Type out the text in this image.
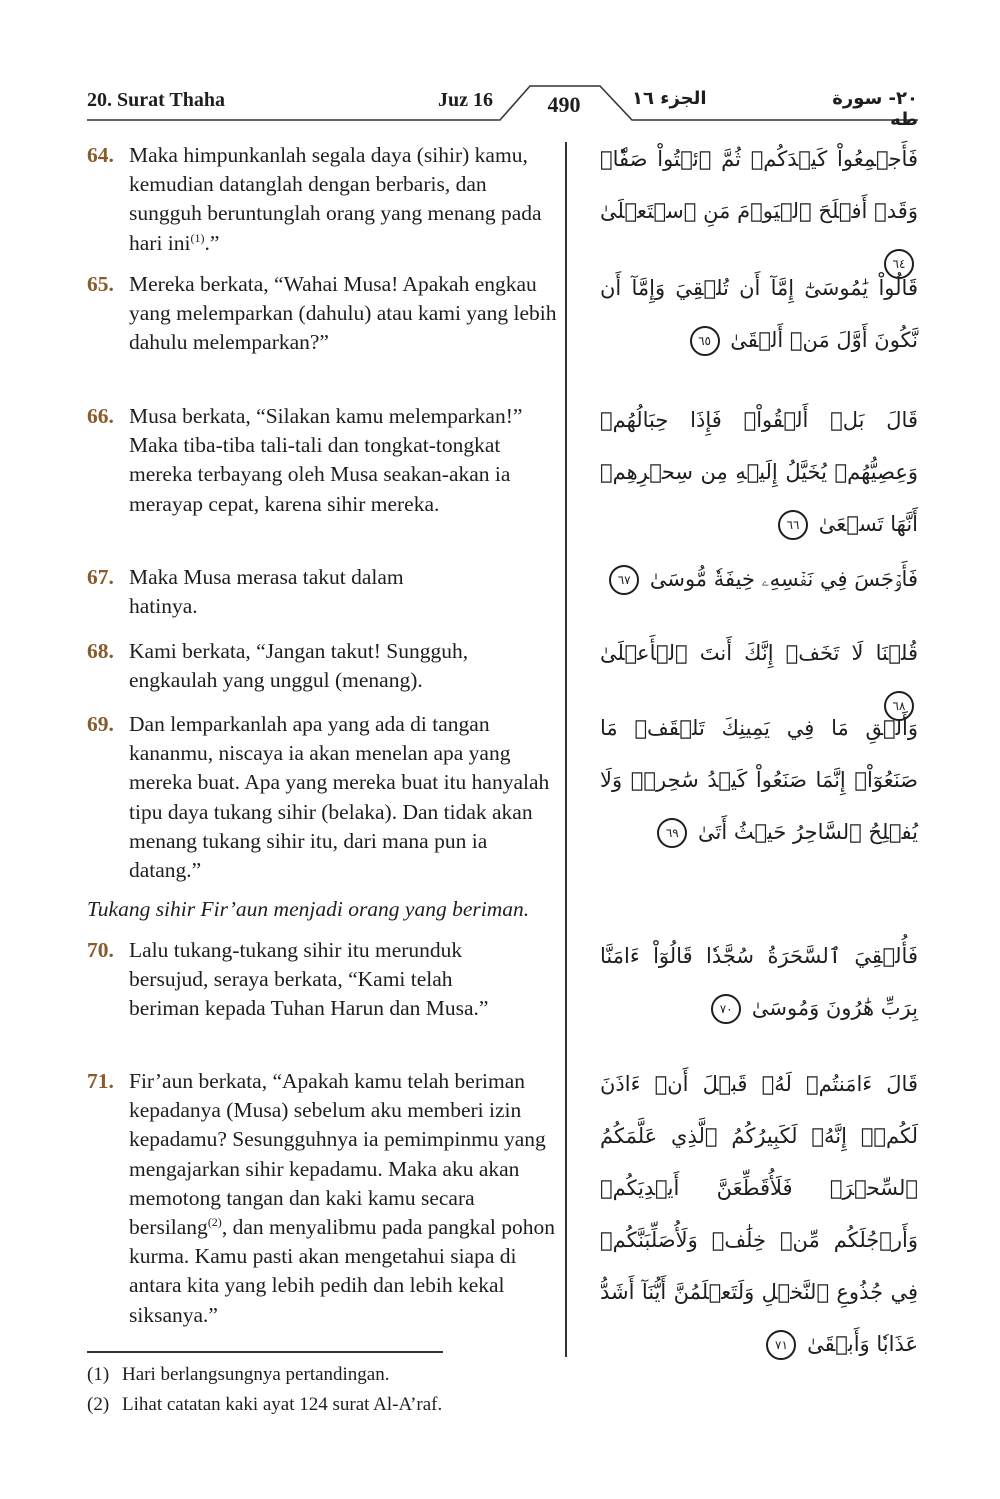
20. Surat Thaha	Juz 16	490	الجزء ١٦	٢٠- سورة طه
64. Maka himpunkanlah segala daya (sihir) kamu, kemudian datanglah dengan berbaris, dan sungguh beruntunglah orang yang menang pada hari ini$^{(1)}$.”
فَأَجۡمِعُواْ كَيۡدَكُمۡ ثُمَّ ٱئۡتُواْ صَفّٗاۚ وَقَدۡ أَفۡلَحَ ٱلۡيَوۡمَ مَنِ ٱسۡتَعۡلَىٰ ٦٤
65. Mereka berkata, “Wahai Musa! Apakah engkau yang melemparkan (dahulu) atau kami yang lebih dahulu melemparkan?”
قَالُواْ يَٰمُوسَىٰٓ إِمَّآ أَن تُلۡقِيَ وَإِمَّآ أَن نَّكُونَ أَوَّلَ مَنۡ أَلۡقَىٰ ٦٥
66. Musa berkata, “Silakan kamu melemparkan!” Maka tiba-tiba tali-tali dan tongkat-tongkat mereka terbayang oleh Musa seakan-akan ia merayap cepat, karena sihir mereka.
قَالَ بَلۡ أَلۡقُواْۖ فَإِذَا حِبَالُهُمۡ وَعِصِيُّهُمۡ يُخَيَّلُ إِلَيۡهِ مِن سِحۡرِهِمۡ أَنَّهَا تَسۡعَىٰ ٦٦
67. Maka Musa merasa takut dalam hatinya.
فَأَوۡجَسَ فِي نَفۡسِهِۦ خِيفَةٗ مُّوسَىٰ ٦٧
68. Kami berkata, “Jangan takut! Sungguh, engkaulah yang unggul (menang).
قُلۡنَا لَا تَخَفۡ إِنَّكَ أَنتَ ٱلۡأَعۡلَىٰ ٦٨
69. Dan lemparkanlah apa yang ada di tangan kananmu, niscaya ia akan menelan apa yang mereka buat. Apa yang mereka buat itu hanyalah tipu daya tukang sihir (belaka). Dan tidak akan menang tukang sihir itu, dari mana pun ia datang.”
وَأَلۡقِ مَا فِي يَمِينِكَ تَلۡقَفۡ مَا صَنَعُوٓاْۖ إِنَّمَا صَنَعُواْ كَيۡدُ سَٰحِرٖۖ وَلَا يُفۡلِحُ ٱلسَّاحِرُ حَيۡثُ أَتَىٰ ٦٩
Tukang sihir Fir’aun menjadi orang yang beriman.
70. Lalu tukang-tukang sihir itu merunduk bersujud, seraya berkata, “Kami telah beriman kepada Tuhan Harun dan Musa.”
فَأُلۡقِيَ ٱلسَّحَرَةُ سُجَّدٗا قَالُوٓاْ ءَامَنَّا بِرَبِّ هَٰرُونَ وَمُوسَىٰ ٧٠
71. Fir’aun berkata, “Apakah kamu telah beriman kepadanya (Musa) sebelum aku memberi izin kepadamu? Sesungguhnya ia pemimpinmu yang mengajarkan sihir kepadamu. Maka aku akan memotong tangan dan kaki kamu secara bersilang$^{(2)}$, dan menyalibmu pada pangkal pohon kurma. Kamu pasti akan mengetahui siapa di antara kita yang lebih pedih dan lebih kekal siksanya.”
قَالَ ءَامَنتُمۡ لَهُۥ قَبۡلَ أَنۡ ءَاذَنَ لَكُمۡۖ إِنَّهُۥ لَكَبِيرُكُمُ ٱلَّذِي عَلَّمَكُمُ ٱلسِّحۡرَۖ فَلَأُقَطِّعَنَّ أَيۡدِيَكُمۡ وَأَرۡجُلَكُم مِّنۡ خِلَٰفٖ وَلَأُصَلِّبَنَّكُمۡ فِي جُذُوعِ ٱلنَّخۡلِ وَلَتَعۡلَمُنَّ أَيُّنَآ أَشَدُّ عَذَابٗا وَأَبۡقَىٰ ٧١
(1) Hari berlangsungnya pertandingan.
(2) Lihat catatan kaki ayat 124 surat Al-A’raf.
